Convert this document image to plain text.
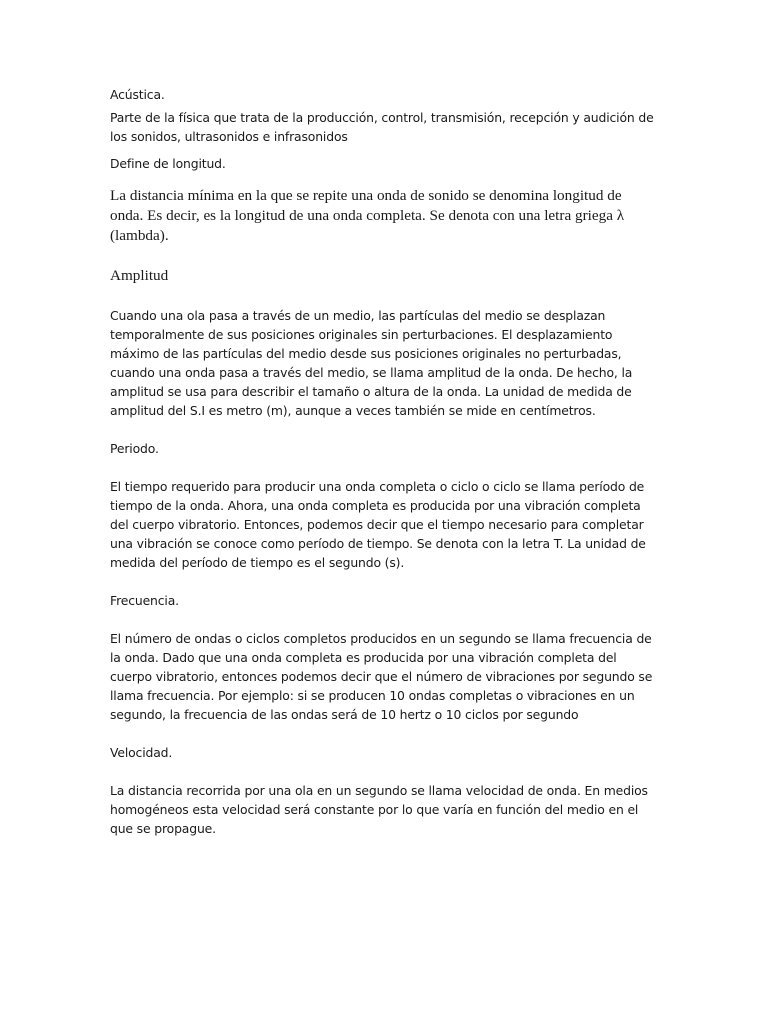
Acústica.

Parte de la física que trata de la producción, control, transmisión, recepción y audición de los sonidos, ultrasonidos e infrasonidos

Define de longitud.

La distancia mínima en la que se repite una onda de sonido se denomina longitud de onda. Es decir, es la longitud de una onda completa. Se denota con una letra griega λ (lambda).

Amplitud

Cuando una ola pasa a través de un medio, las partículas del medio se desplazan temporalmente de sus posiciones originales sin perturbaciones. El desplazamiento máximo de las partículas del medio desde sus posiciones originales no perturbadas, cuando una onda pasa a través del medio, se llama amplitud de la onda. De hecho, la amplitud se usa para describir el tamaño o altura de la onda. La unidad de medida de amplitud del S.I es metro (m), aunque a veces también se mide en centímetros.

Periodo.

El tiempo requerido para producir una onda completa o ciclo o ciclo se llama período de tiempo de la onda. Ahora, una onda completa es producida por una vibración completa del cuerpo vibratorio. Entonces, podemos decir que el tiempo necesario para completar una vibración se conoce como período de tiempo. Se denota con la letra T. La unidad de medida del período de tiempo es el segundo (s).

Frecuencia.

El número de ondas o ciclos completos producidos en un segundo se llama frecuencia de la onda. Dado que una onda completa es producida por una vibración completa del cuerpo vibratorio, entonces podemos decir que el número de vibraciones por segundo se llama frecuencia. Por ejemplo: si se producen 10 ondas completas o vibraciones en un segundo, la frecuencia de las ondas será de 10 hertz o 10 ciclos por segundo

Velocidad.

La distancia recorrida por una ola en un segundo se llama velocidad de onda. En medios homogéneos esta velocidad será constante por lo que varía en función del medio en el que se propague.
